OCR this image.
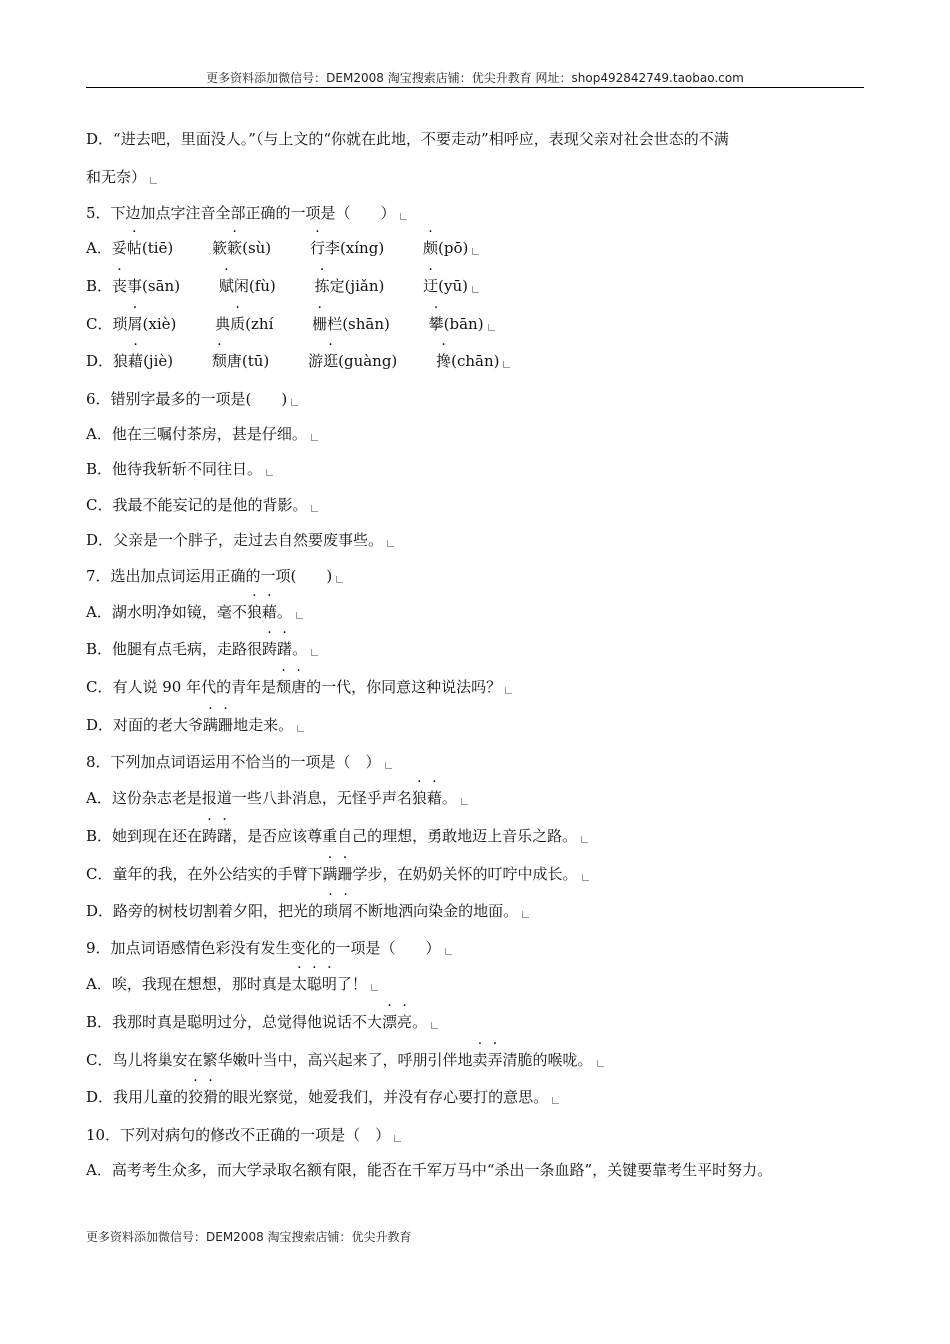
更多资料添加微信号：DEM2008 淘宝搜索店铺：优尖升教育 网址：shop492842749.taobao.com
D．“进去吧，里面没人。”（与上文的“你就在此地，不要走动”相呼应，表现父亲对社会世态的不满
和无奈）
5．下边加点字注音全部正确的一项是（　　）
A．妥帖(tiē)	簌簌(sù)	行李(xíng)	颇(pō)
B．丧事(sān)	赋闲(fù)	拣定(jiǎn)	迂(yū)
C．琐屑(xiè)	典质(zhí	栅栏(shān)	攀(bān)
D．狼藉(jiè)	颓唐(tū)	游逛(guàng)	搀(chān)
6．错别字最多的一项是(　　)
A．他在三嘱付茶房，甚是仔细。
B．他待我斩斩不同往日。
C．我最不能妄记的是他的背影。
D．父亲是一个胖子，走过去自然要废事些。
7．选出加点词运用正确的一项(　　)
A．湖水明净如镜，毫不狼藉。
B．他腿有点毛病，走路很踌躇。
C．有人说 90 年代的青年是颓唐的一代，你同意这种说法吗？
D．对面的老大爷蹒跚地走来。
8．下列加点词语运用不恰当的一项是（　）
A．这份杂志老是报道一些八卦消息，无怪乎声名狼藉。
B．她到现在还在踌躇，是否应该尊重自己的理想，勇敢地迈上音乐之路。
C．童年的我，在外公结实的手臂下蹒跚学步，在奶奶关怀的叮咛中成长。
D．路旁的树枝切割着夕阳，把光的琐屑不断地洒向染金的地面。
9．加点词语感情色彩没有发生变化的一项是（　　）
A．唉，我现在想想，那时真是太聪明了！
B．我那时真是聪明过分，总觉得他说话不大漂亮。
C．鸟儿将巢安在繁华嫩叶当中，高兴起来了，呼朋引伴地卖弄清脆的喉咙。
D．我用儿童的狡猾的眼光察觉，她爱我们，并没有存心要打的意思。
10．下列对病句的修改不正确的一项是（　）
A．高考考生众多，而大学录取名额有限，能否在千军万马中“杀出一条血路”，关键要靠考生平时努力。
更多资料添加微信号：DEM2008 淘宝搜索店铺：优尖升教育
